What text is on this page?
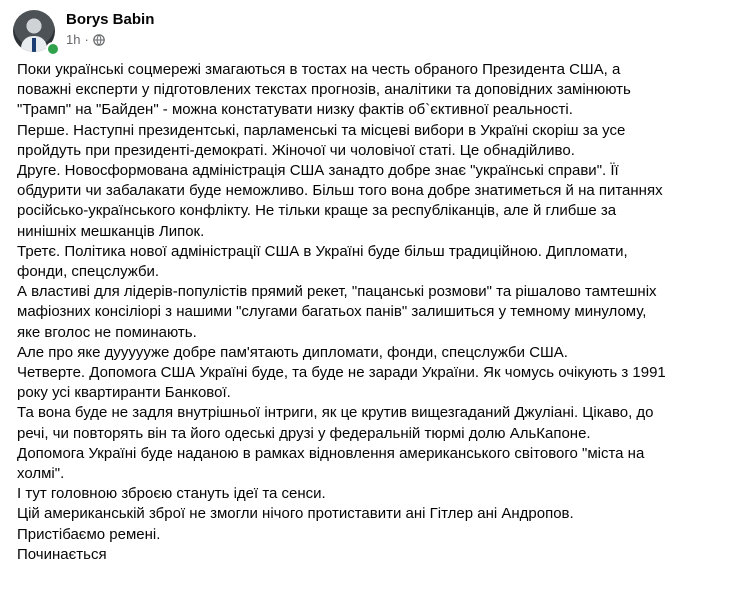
Borys Babin
1h ·

Поки українські соцмережі змагаються в тостах на честь обраного Президента США, а

поважні експерти у підготовлених текстах прогнозів, аналітики та доповідних замінюють

"Трамп" на "Байден" - можна констатувати низку фактів об`єктивної реальності.

Перше. Наступні президентські, парламенські та місцеві вибори в Україні скоріш за усе

пройдуть при президенті-демократі. Жіночої чи чоловічої статі. Це обнадійливо.

Друге. Новосформована адміністрація США занадто добре знає "українські справи". Її

обдурити чи забалакати буде неможливо. Більш того вона добре знатиметься й на питаннях

російсько-українського конфлікту. Не тільки краще за республіканців, але й глибше за

нинішніх мешканців Липок.

Третє. Політика нової адміністрації США в Україні буде більш традиційною. Дипломати,

фонди, спецслужби.

А властиві для лідерів-популістів прямий рекет, "пацанські розмови" та рішалово тамтешніх

мафіозних консіліорі з нашими "слугами багатьох панів" залишиться у темному минулому,

яке вголос не поминають.

Але про яке дуууууже добре пам'ятають дипломати, фонди, спецслужби США.

Четверте. Допомога США Україні буде, та буде не заради України. Як чомусь очікують з 1991

року усі квартиранти Банкової.

Та вона буде не задля внутрішньої інтриги, як це крутив вищезгаданий Джуліані. Цікаво, до

речі, чи повторять він та його одеські друзі у федеральній тюрмі долю АльКапоне.

Допомога Україні буде наданою в рамках відновлення американського світового "міста на

холмі".

І тут головною зброєю стануть ідеї та сенси.

Цій американській зброї не змогли нічого протиставити ані Гітлер ані Андропов.

Пристібаємо ремені.

Починається
